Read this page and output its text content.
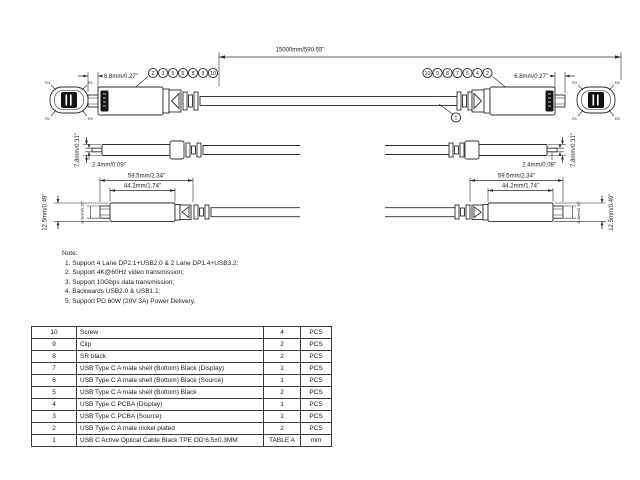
15000mm/590.55"
R3	R1
R1	R2
R3	R1
R1	R2
6.8mm/0.27"	6.8mm/0.27"
2 3 5 6 8 9 10	10 9 8 7 5 4 2
1
7.8mm/0.31" 2.4mm/0.09"	2.4mm/0.09"	7.8mm/0.31"
59.5mm/2.34"
44.2mm/1.74"
12.5mm/0.49"	8.3mm/0.33"
59.5mm/2.34"
44.2mm/1.74"
8.3mm/0.33"	12.5mm/0.49"
Note:
1. Support 4 Lane DP2.1+USB2.0 & 2 Lane DP1.4+USB3.2;
2. Support 4K@60Hz video transmission;
3. Support 10Gbps data transmission;
4. Backwards USB2.0 & USB1.1;
5. Support PD 60W (20V 3A) Power Delivery.
10	Screw	4	PCS
9	Clip	2	PCS
8	SR black	2	PCS
7	USB Type C A male shell (Bottom) Black (Display)	1	PCS
6	USB Type C A male shell (Bottom) Black (Source)	1	PCS
5	USB Type C A male shell (Bottom) Black	2	PCS
4	USB Type C PCBA (Display)	1	PCS
3	USB Type C PCBA (Source)	1	PCS
2	USB Type C A male nickel plated	2	PCS
1	USB C Active Optical Cable Black TPE OD:6.5±0.3MM	TABLE A	mm
